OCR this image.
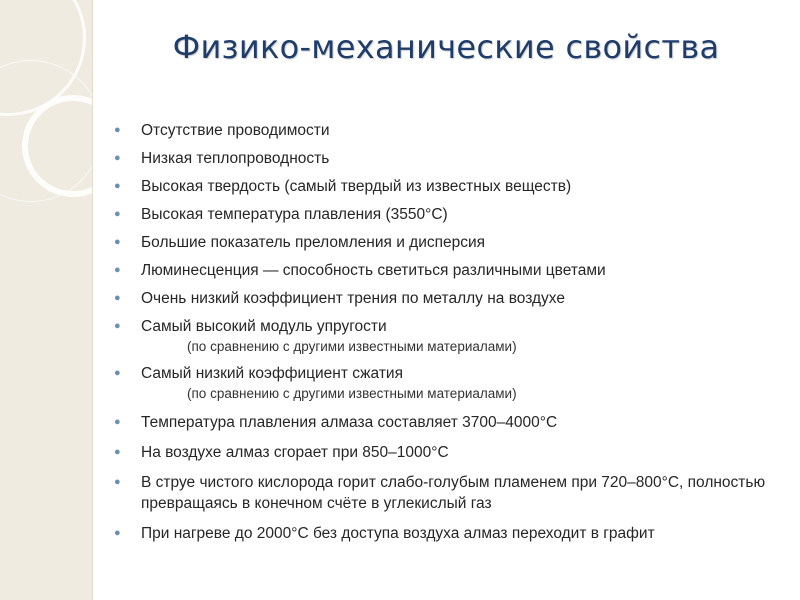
Физико-механические свойства
● Отсутствие проводимости
● Низкая теплопроводность
● Высокая твердость (самый твердый из известных веществ)
● Высокая температура плавления (3550°С)
● Большие показатель преломления и дисперсия
● Люминесценция — способность светиться различными цветами
● Очень низкий коэффициент трения по металлу на воздухе
● Самый высокий модуль упругости
(по сравнению с другими известными материалами)
● Самый низкий коэффициент сжатия
(по сравнению с другими известными материалами)
● Температура плавления алмаза составляет 3700–4000°С
● На воздухе алмаз сгорает при 850–1000°С
● В струе чистого кислорода горит слабо-голубым пламенем при 720–800°С, полностью превращаясь в конечном счёте в углекислый газ
● При нагреве до 2000°С без доступа воздуха алмаз переходит в графит
